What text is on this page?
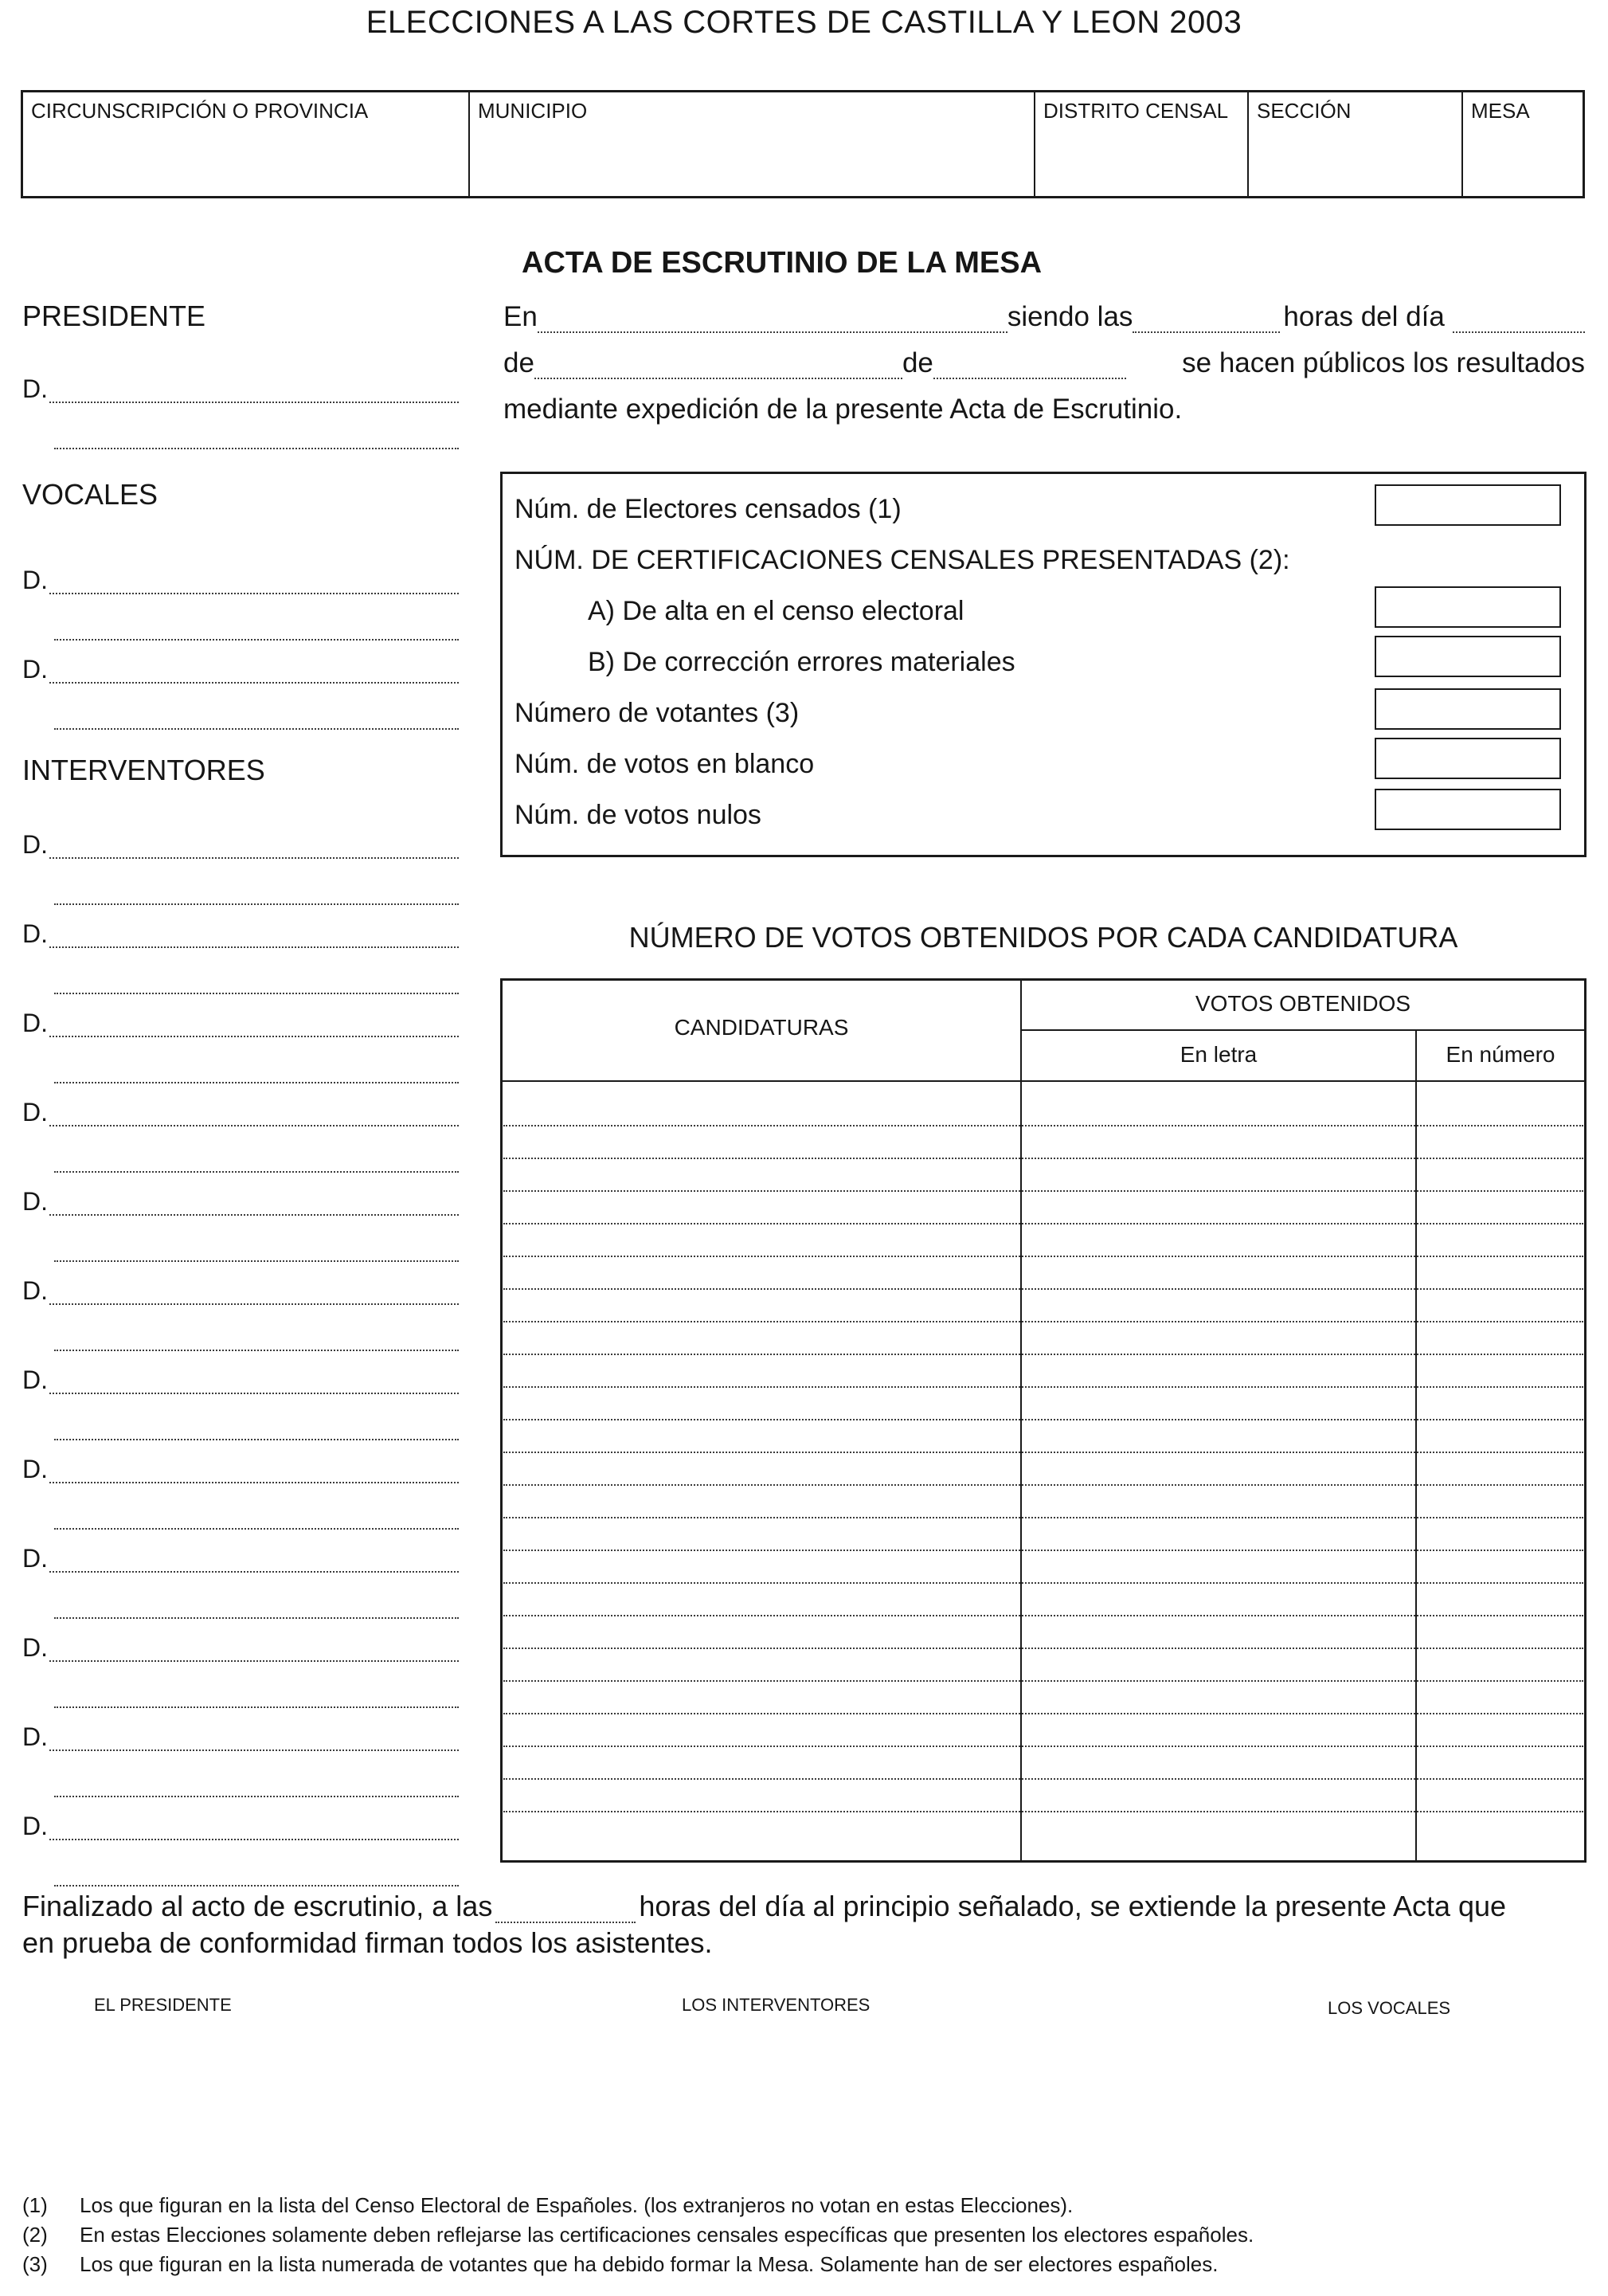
ELECCIONES A LAS CORTES DE CASTILLA Y LEON 2003
CIRCUNSCRIPCIÓN O PROVINCIA	MUNICIPIO	DISTRITO CENSAL	SECCIÓN	MESA
PRESIDENTE
VOCALES
INTERVENTORES
D.
D.
D.
D.
D.
D.
D.
D.
D.
D.
D.
D.
D.
D.
D.
ACTA DE ESCRUTINIO DE LA MESA
En	siendo las	horas del día
de	de	se hacen públicos los resultados
mediante expedición de la presente Acta de Escrutinio.
Núm. de Electores censados (1)
NÚM. DE CERTIFICACIONES CENSALES PRESENTADAS (2):
A) De alta en el censo electoral
B) De corrección errores materiales
Número de votantes (3)
Núm. de votos en blanco
Núm. de votos nulos
NÚMERO DE VOTOS OBTENIDOS POR CADA CANDIDATURA
CANDIDATURAS
VOTOS OBTENIDOS
En letra	En número
Finalizado al acto de escrutinio, a las	horas del día al principio señalado, se extiende la presente Acta que
en prueba de conformidad firman todos los asistentes.
EL PRESIDENTE	LOS INTERVENTORES	LOS VOCALES
(1)	Los que figuran en la lista del Censo Electoral de Españoles. (los extranjeros no votan en estas Elecciones).
(2)	En estas Elecciones solamente deben reflejarse las certificaciones censales específicas que presenten los electores españoles.
(3)	Los que figuran en la lista numerada de votantes que ha debido formar la Mesa. Solamente han de ser electores españoles.
